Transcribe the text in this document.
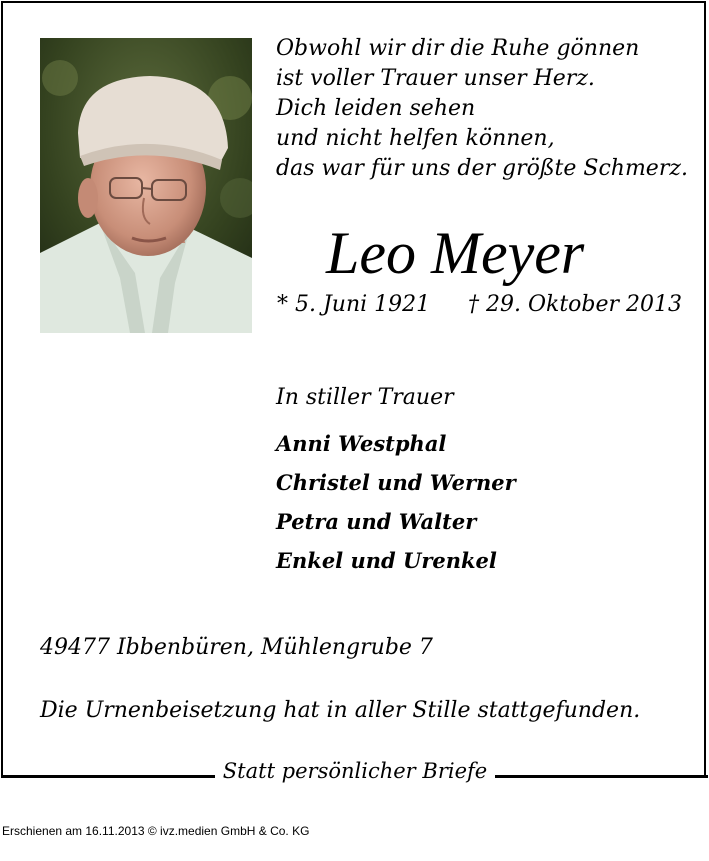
Obwohl wir dir die Ruhe gönnen
ist voller Trauer unser Herz.
Dich leiden sehen
und nicht helfen können,
das war für uns der größte Schmerz.
Leo Meyer
* 5. Juni 1921 † 29. Oktober 2013
In stiller Trauer
Anni Westphal
Christel und Werner
Petra und Walter
Enkel und Urenkel
49477 Ibbenbüren, Mühlengrube 7
Die Urnenbeisetzung hat in aller Stille stattgefunden.
Statt persönlicher Briefe
Erschienen am 16.11.2013 © ivz.medien GmbH & Co. KG
